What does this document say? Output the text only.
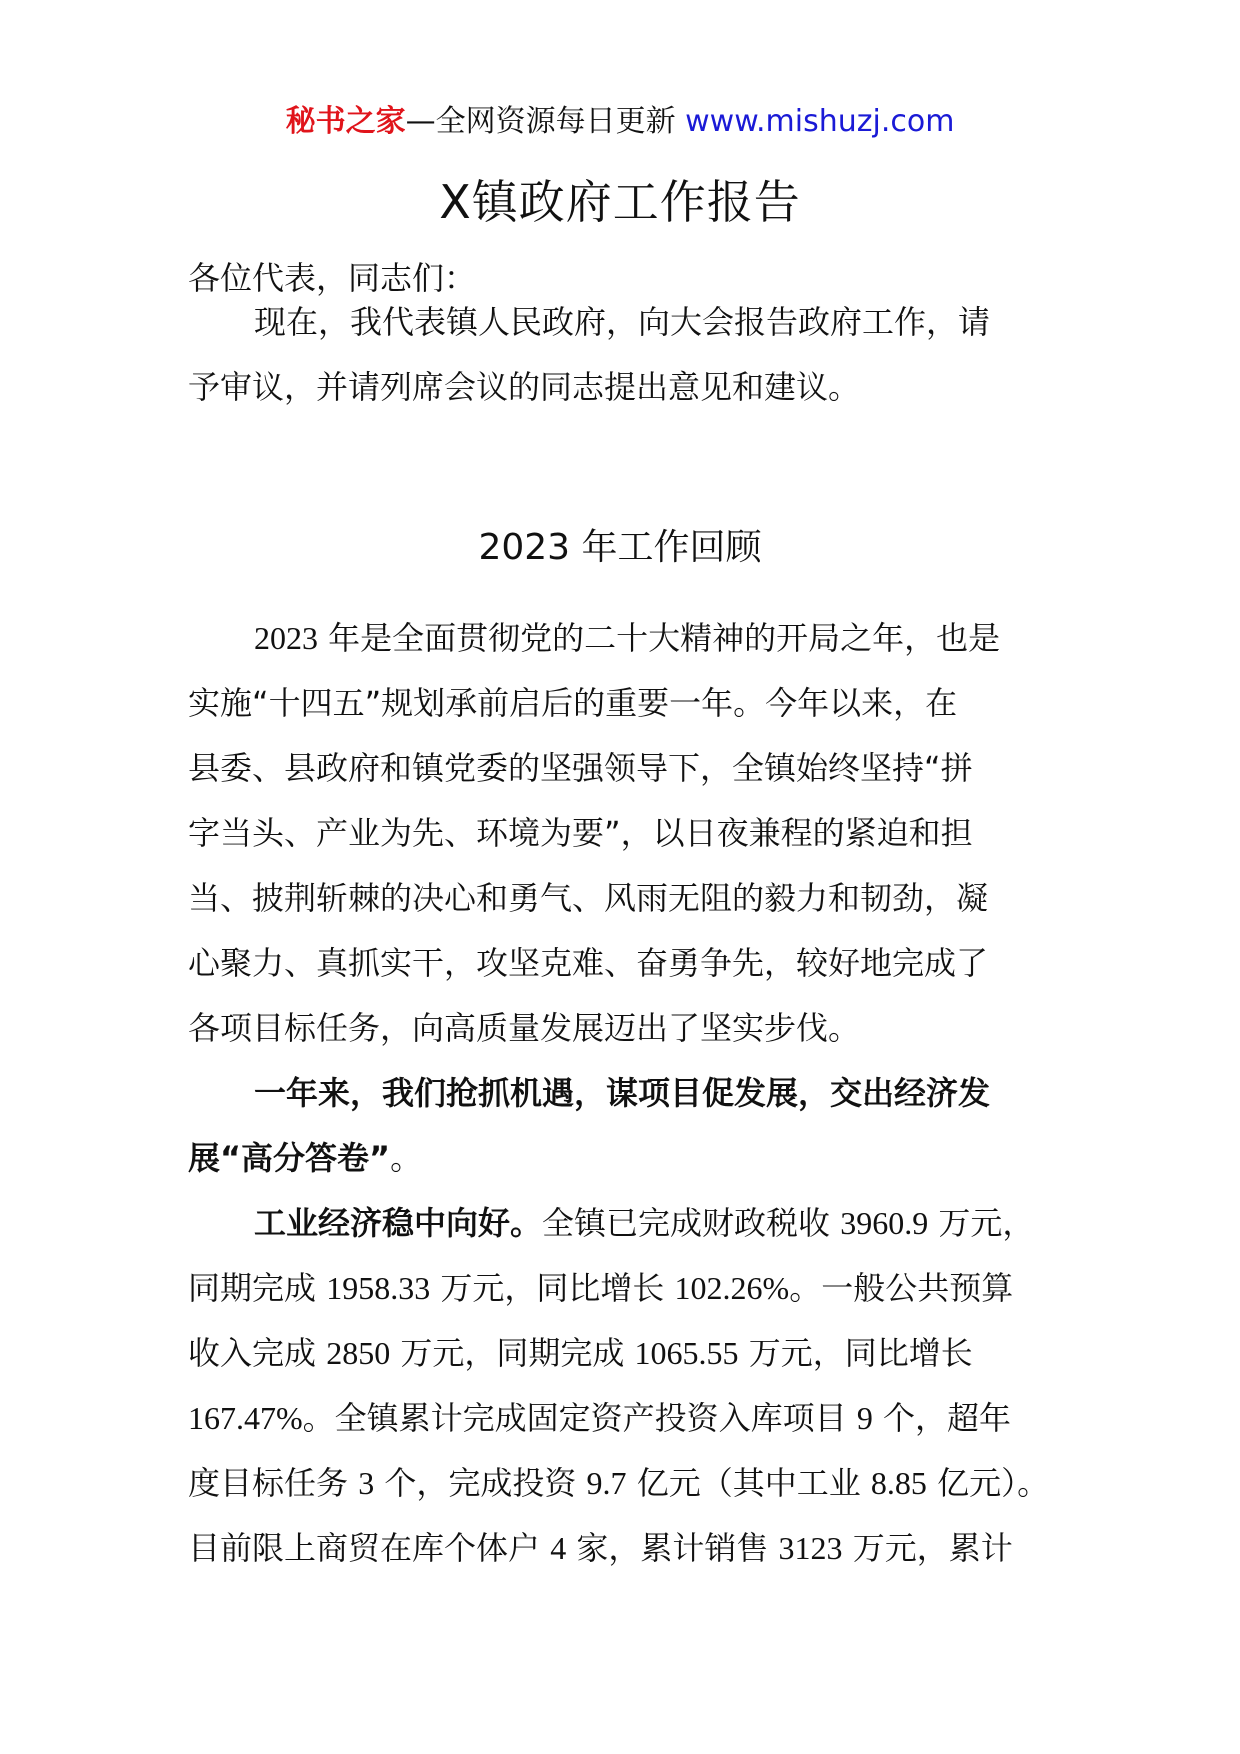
秘书之家—全网资源每日更新 www.mishuzj.com
X镇政府工作报告
各位代表，同志们：
现在，我代表镇人民政府，向大会报告政府工作，请
予审议，并请列席会议的同志提出意见和建议。
2023 年工作回顾
2023 年是全面贯彻党的二十大精神的开局之年，也是
实施“十四五”规划承前启后的重要一年。今年以来，在
县委、县政府和镇党委的坚强领导下，全镇始终坚持“拼
字当头、产业为先、环境为要”，以日夜兼程的紧迫和担
当、披荆斩棘的决心和勇气、风雨无阻的毅力和韧劲，凝
心聚力、真抓实干，攻坚克难、奋勇争先，较好地完成了
各项目标任务，向高质量发展迈出了坚实步伐。
一年来，我们抢抓机遇，谋项目促发展，交出经济发
展“高分答卷”。
工业经济稳中向好。全镇已完成财政税收 3960.9 万元，
同期完成 1958.33 万元，同比增长 102.26%。一般公共预算
收入完成 2850 万元，同期完成 1065.55 万元，同比增长
167.47%。全镇累计完成固定资产投资入库项目 9 个，超年
度目标任务 3 个，完成投资 9.7 亿元（其中工业 8.85 亿元）。
目前限上商贸在库个体户 4 家，累计销售 3123 万元，累计
